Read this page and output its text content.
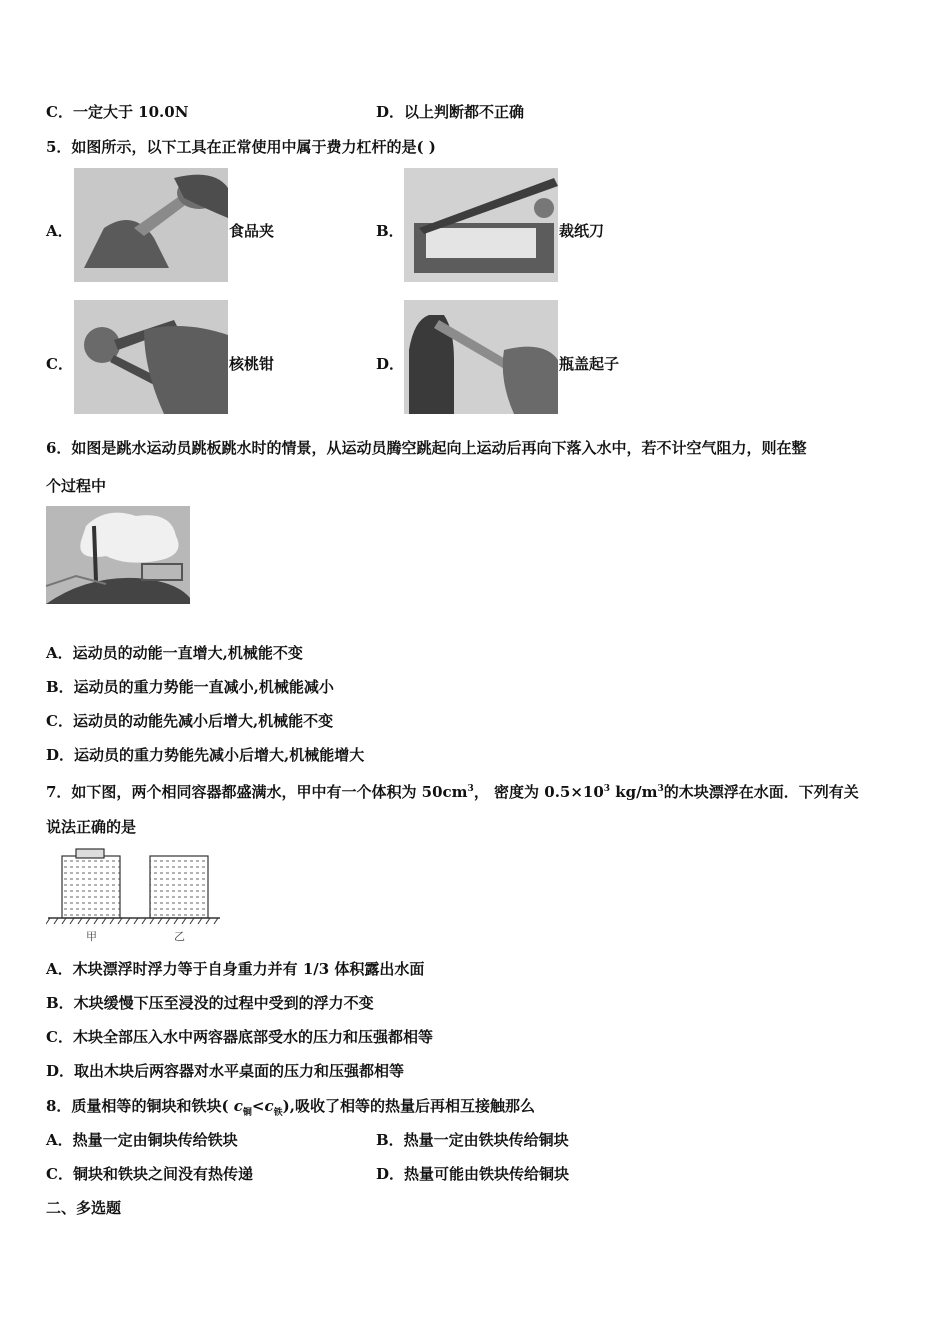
C．一定大于 10.0N	D．以上判断都不正确
5．如图所示，以下工具在正常使用中属于费力杠杆的是( )
A．	食品夹	B．	裁纸刀
C．	核桃钳	D．	瓶盖起子
6．如图是跳水运动员跳板跳水时的情景，从运动员腾空跳起向上运动后再向下落入水中，若不计空气阻力，则在整
个过程中
A．运动员的动能一直增大,机械能不变
B．运动员的重力势能一直减小,机械能减小
C．运动员的动能先减小后增大,机械能不变
D．运动员的重力势能先减小后增大,机械能增大
7．如下图，两个相同容器都盛满水，甲中有一个体积为 $50cm^3$， 密度为 $0.5\times 10^3$ $kg/m^3$的木块漂浮在水面．下列有关
说法正确的是
甲	乙
A．木块漂浮时浮力等于自身重力并有 1/3 体积露出水面
B．木块缓慢下压至浸没的过程中受到的浮力不变
C．木块全部压入水中两容器底部受水的压力和压强都相等
D．取出木块后两容器对水平桌面的压力和压强都相等
8．质量相等的铜块和铁块( $c_铜<c_铁$),吸收了相等的热量后再相互接触那么
A．热量一定由铜块传给铁块	B．热量一定由铁块传给铜块
C．铜块和铁块之间没有热传递	D．热量可能由铁块传给铜块
二、多选题
